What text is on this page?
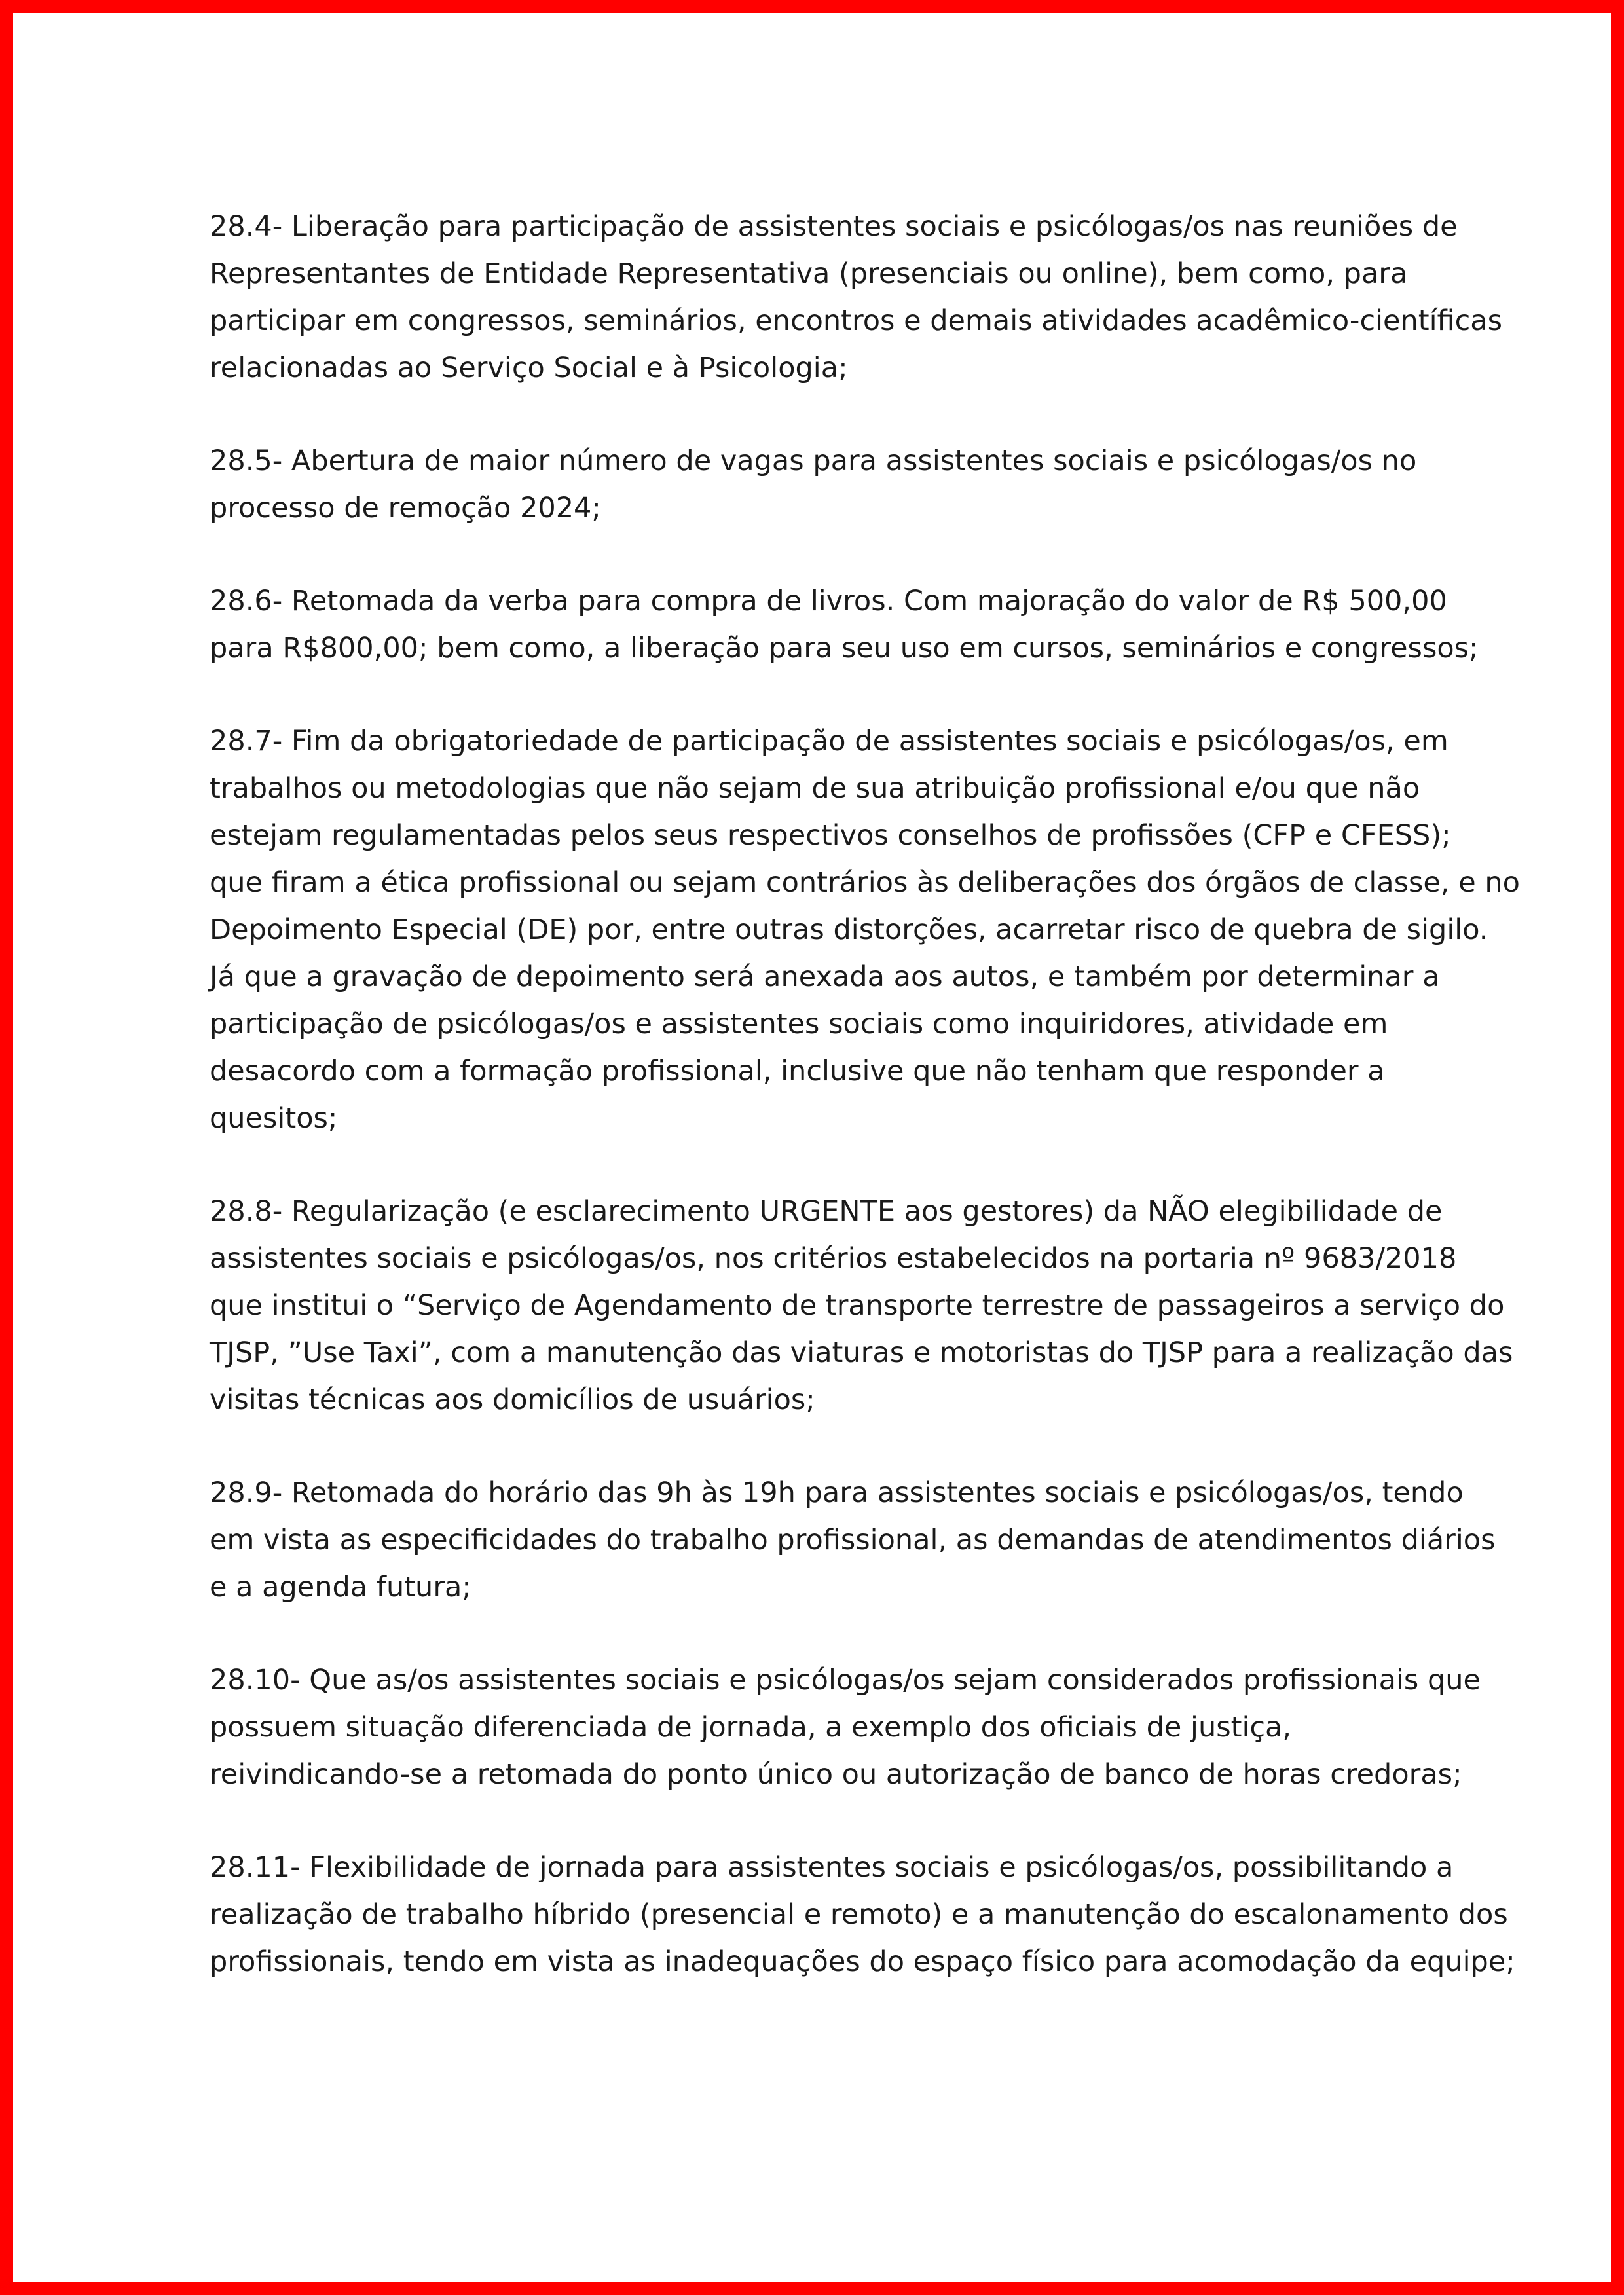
28.4- Liberação para participação de assistentes sociais e psicólogas/os nas reuniões de
Representantes de Entidade Representativa (presenciais ou online), bem como, para
participar em congressos, seminários, encontros e demais atividades acadêmico-científicas
relacionadas ao Serviço Social e à Psicologia;

28.5- Abertura de maior número de vagas para assistentes sociais e psicólogas/os no
processo de remoção 2024;

28.6- Retomada da verba para compra de livros. Com majoração do valor de R$ 500,00
para R$800,00; bem como, a liberação para seu uso em cursos, seminários e congressos;

28.7- Fim da obrigatoriedade de participação de assistentes sociais e psicólogas/os, em
trabalhos ou metodologias que não sejam de sua atribuição profissional e/ou que não
estejam regulamentadas pelos seus respectivos conselhos de profissões (CFP e CFESS);
que firam a ética profissional ou sejam contrários às deliberações dos órgãos de classe, e no
Depoimento Especial (DE) por, entre outras distorções, acarretar risco de quebra de sigilo.
Já que a gravação de depoimento será anexada aos autos, e também por determinar a
participação de psicólogas/os e assistentes sociais como inquiridores, atividade em
desacordo com a formação profissional, inclusive que não tenham que responder a
quesitos;

28.8- Regularização (e esclarecimento URGENTE aos gestores) da NÃO elegibilidade de
assistentes sociais e psicólogas/os, nos critérios estabelecidos na portaria nº 9683/2018
que institui o “Serviço de Agendamento de transporte terrestre de passageiros a serviço do
TJSP, ”Use Taxi”, com a manutenção das viaturas e motoristas do TJSP para a realização das
visitas técnicas aos domicílios de usuários;

28.9- Retomada do horário das 9h às 19h para assistentes sociais e psicólogas/os, tendo
em vista as especificidades do trabalho profissional, as demandas de atendimentos diários
e a agenda futura;

28.10- Que as/os assistentes sociais e psicólogas/os sejam considerados profissionais que
possuem situação diferenciada de jornada, a exemplo dos oficiais de justiça,
reivindicando-se a retomada do ponto único ou autorização de banco de horas credoras;

28.11- Flexibilidade de jornada para assistentes sociais e psicólogas/os, possibilitando a
realização de trabalho híbrido (presencial e remoto) e a manutenção do escalonamento dos
profissionais, tendo em vista as inadequações do espaço físico para acomodação da equipe;
